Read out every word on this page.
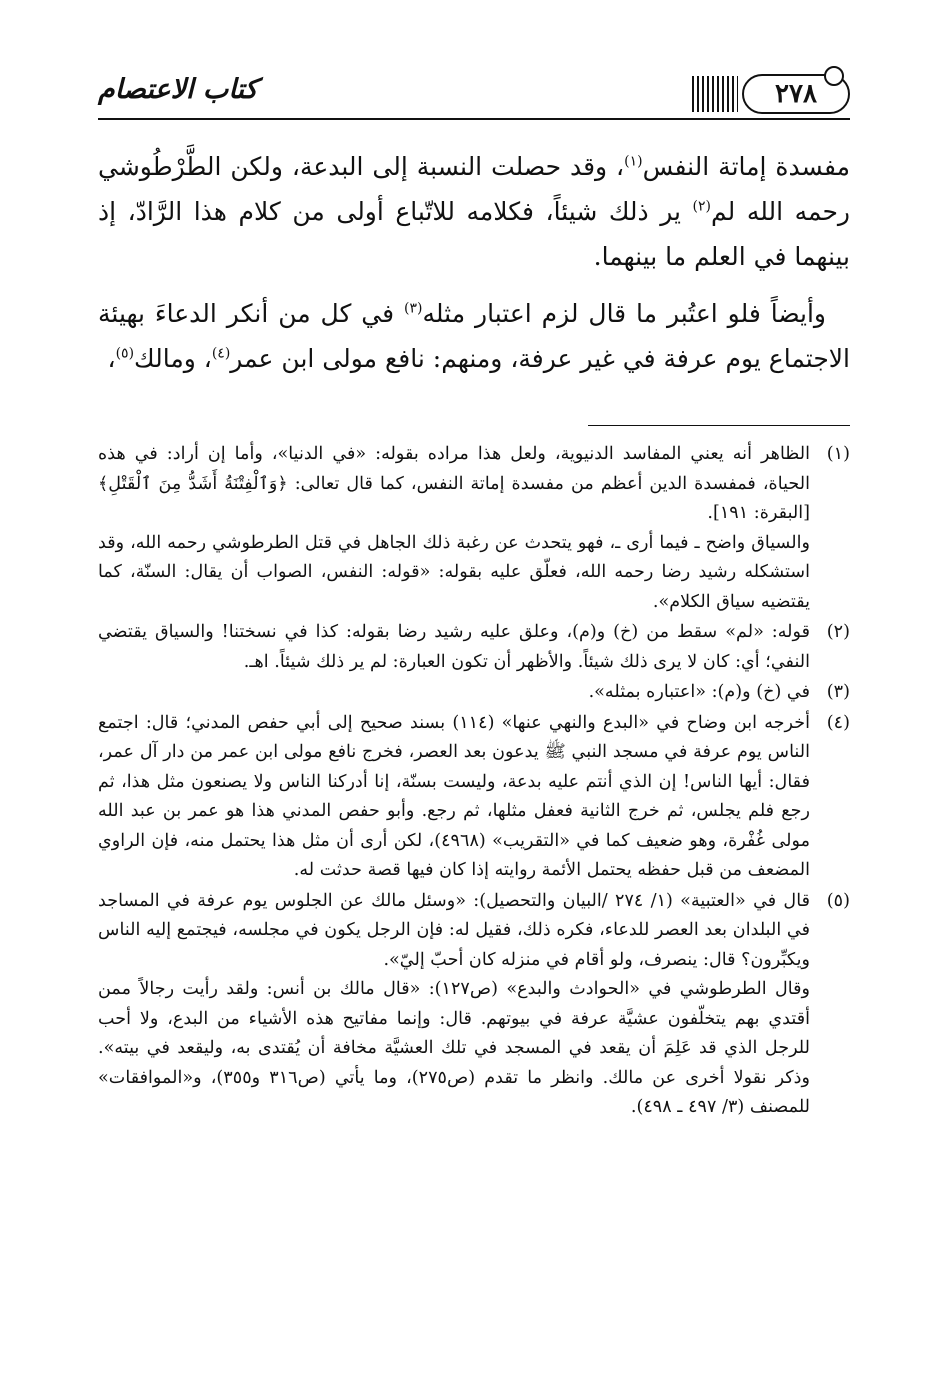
٢٧٨
كتاب الاعتصام

مفسدة إماتة النفس$^{(١)}$، وقد حصلت النسبة إلى البدعة، ولكن الطَّرْطُوشي رحمه الله لم$^{(٢)}$ ير ذلك شيئاً، فكلامه للاتّباع أولى من كلام هذا الرَّادّ، إذ بينهما في العلم ما بينهما.

وأيضاً فلو اعتُبر ما قال لزم اعتبار مثله$^{(٣)}$ في كل من أنكر الدعاءَ بهيئة الاجتماع يوم عرفة في غير عرفة، ومنهم: نافع مولى ابن عمر$^{(٤)}$، ومالك$^{(٥)}$،

(١)

الظاهر أنه يعني المفاسد الدنيوية، ولعل هذا مراده بقوله: «في الدنيا»، وأما إن أراد: في هذه الحياة، فمفسدة الدين أعظم من مفسدة إماتة النفس، كما قال تعالى: ﴿وَٱلْفِتْنَةُ أَشَدُّ مِنَ ٱلْقَتْلِ﴾ [البقرة: ١٩١].

والسياق واضح ـ فيما أرى ـ، فهو يتحدث عن رغبة ذلك الجاهل في قتل الطرطوشي رحمه الله، وقد استشكله رشيد رضا رحمه الله، فعلّق عليه بقوله: «قوله: النفس، الصواب أن يقال: السنّة، كما يقتضيه سياق الكلام».

(٢)

قوله: «لم» سقط من (خ) و(م)، وعلق عليه رشيد رضا بقوله: كذا في نسختنا! والسياق يقتضي النفي؛ أي: كان لا يرى ذلك شيئاً. والأظهر أن تكون العبارة: لم ير ذلك شيئاً. اهـ.

(٣)

في (خ) و(م): «اعتباره بمثله».

(٤)

أخرجه ابن وضاح في «البدع والنهي عنها» (١١٤) بسند صحيح إلى أبي حفص المدني؛ قال: اجتمع الناس يوم عرفة في مسجد النبي ﷺ يدعون بعد العصر، فخرج نافع مولى ابن عمر من دار آل عمر، فقال: أيها الناس! إن الذي أنتم عليه بدعة، وليست بسنّة، إنا أدركنا الناس ولا يصنعون مثل هذا، ثم رجع فلم يجلس، ثم خرج الثانية فعفل مثلها، ثم رجع. وأبو حفص المدني هذا هو عمر بن عبد الله مولى غُفْرة، وهو ضعيف كما في «التقريب» (٤٩٦٨)، لكن أرى أن مثل هذا يحتمل منه، فإن الراوي المضعف من قبل حفظه يحتمل الأئمة روايته إذا كان فيها قصة حدثت له.

(٥)

قال في «العتبية» (١/ ٢٧٤ /البيان والتحصيل): «وسئل مالك عن الجلوس يوم عرفة في المساجد في البلدان بعد العصر للدعاء، فكره ذلك، فقيل له: فإن الرجل يكون في مجلسه، فيجتمع إليه الناس ويكبِّرون؟ قال: ينصرف، ولو أقام في منزله كان أحبّ إليّ».

وقال الطرطوشي في «الحوادث والبدع» (ص١٢٧): «قال مالك بن أنس: ولقد رأيت رجالاً ممن أقتدي بهم يتخلّفون عشيَّة عرفة في بيوتهم. قال: وإنما مفاتيح هذه الأشياء من البدع، ولا أحب للرجل الذي قد عَلِمَ أن يقعد في المسجد في تلك العشيَّة مخافة أن يُقتدى به، وليقعد في بيته». وذكر نقولا أخرى عن مالك. وانظر ما تقدم (ص٢٧٥)، وما يأتي (ص٣١٦ و٣٥٥)، و«الموافقات» للمصنف (٣/ ٤٩٧ ـ ٤٩٨).
